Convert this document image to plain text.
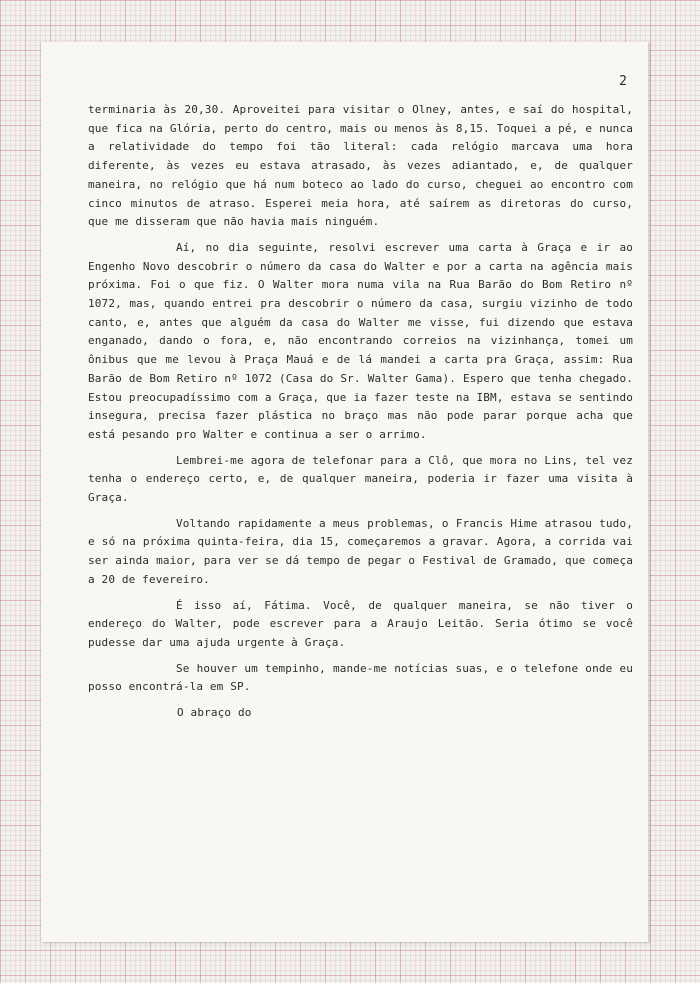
2

terminaria às 20,30. Aproveitei para visitar o Olney, antes, e saí do hospital, que fica na Glória, perto do centro, mais ou menos às 8,15. Toquei a pé, e nunca a relatividade do tempo foi tão literal: cada relógio marcava uma hora diferente, às vezes eu estava atrasado, às vezes adiantado, e, de qualquer maneira, no relógio que há num boteco ao lado do curso, cheguei ao encontro com cinco minutos de atraso. Esperei meia hora, até saírem as diretoras do curso, que me disseram que não havia mais ninguém.

Aí, no dia seguinte, resolvi escrever uma carta à Graça e ir ao Engenho Novo descobrir o número da casa do Walter e por a carta na agência mais próxima. Foi o que fiz. O Walter mora numa vila na Rua Barão do Bom Retiro nº 1072, mas, quando entrei pra descobrir o número da casa, surgiu vizinho de todo canto, e, antes que alguém da casa do Walter me visse, fui dizendo que estava enganado, dando o fora, e, não encontrando correios na vizinhança, tomei um ônibus que me levou à Praça Mauá e de lá mandei a carta pra Graça, assim: Rua Barão de Bom Retiro nº 1072 (Casa do Sr. Walter Gama). Espero que tenha chegado. Estou preocupadíssimo com a Graça, que ia fazer teste na IBM, estava se sentindo insegura, precisa fazer plástica no braço mas não pode parar porque acha que está pesando pro Walter e continua a ser o arrimo.

Lembrei-me agora de telefonar para a Clô, que mora no Lins, tel vez tenha o endereço certo, e, de qualquer maneira, poderia ir fazer uma visita à Graça.

Voltando rapidamente a meus problemas, o Francis Hime atrasou tudo, e só na próxima quinta-feira, dia 15, começaremos a gravar. Agora, a corrida vai ser ainda maior, para ver se dá tempo de pegar o Festival de Gramado, que começa a 20 de fevereiro.

É isso aí, Fátima. Você, de qualquer maneira, se não tiver o endereço do Walter, pode escrever para a Araujo Leitão. Seria ótimo se você pudesse dar uma ajuda urgente à Graça.

Se houver um tempinho, mande-me notícias suas, e o telefone onde eu posso encontrá-la em SP.

O abraço do
